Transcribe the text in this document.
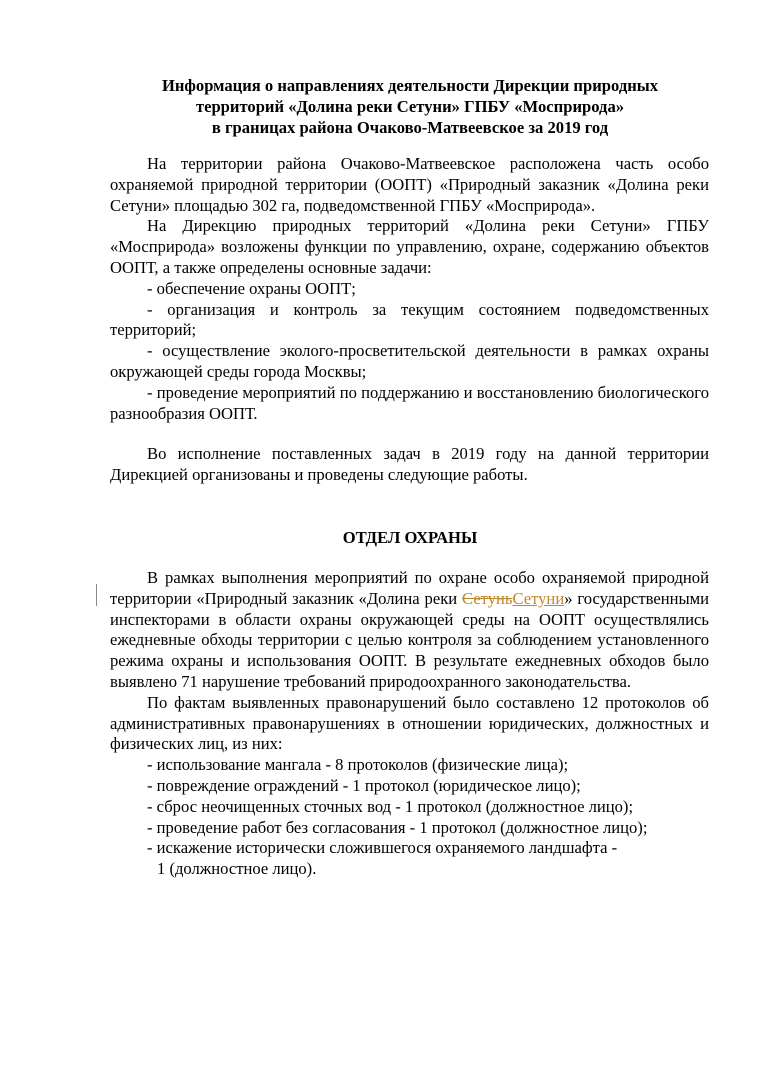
Информация о направлениях деятельности Дирекции природных
территорий «Долина реки Сетуни» ГПБУ «Мосприрода»
в границах района Очаково-Матвеевское за 2019 год

На территории района Очаково-Матвеевское расположена часть особо охраняемой природной территории (ООПТ) «Природный заказник «Долина реки Сетуни» площадью 302 га, подведомственной ГПБУ «Мосприрода».

На Дирекцию природных территорий «Долина реки Сетуни» ГПБУ «Мосприрода» возложены функции по управлению, охране, содержанию объектов ООПТ, а также определены основные задачи:

- обеспечение охраны ООПТ;

- организация и контроль за текущим состоянием подведомственных территорий;

- осуществление эколого-просветительской деятельности в рамках охраны окружающей среды города Москвы;

- проведение мероприятий по поддержанию и восстановлению биологического разнообразия ООПТ.

Во исполнение поставленных задач в 2019 году на данной территории Дирекцией организованы и проведены следующие работы.

ОТДЕЛ ОХРАНЫ

В рамках выполнения мероприятий по охране особо охраняемой природной территории «Природный заказник «Долина реки СетуньСетуни» государственными инспекторами в области охраны окружающей среды на ООПТ осуществлялись ежедневные обходы территории с целью контроля за соблюдением установленного режима охраны и использования ООПТ. В результате ежедневных обходов было выявлено 71 нарушение требований природоохранного законодательства.

По фактам выявленных правонарушений было составлено 12 протоколов об административных правонарушениях в отношении юридических, должностных и физических лиц, из них:

- использование мангала - 8 протоколов (физические лица);

- повреждение ограждений - 1 протокол (юридическое лицо);

- сброс неочищенных сточных вод - 1 протокол (должностное лицо);

- проведение работ без согласования - 1 протокол (должностное лицо);

- искажение исторически сложившегося охраняемого ландшафта -
1 (должностное лицо).
